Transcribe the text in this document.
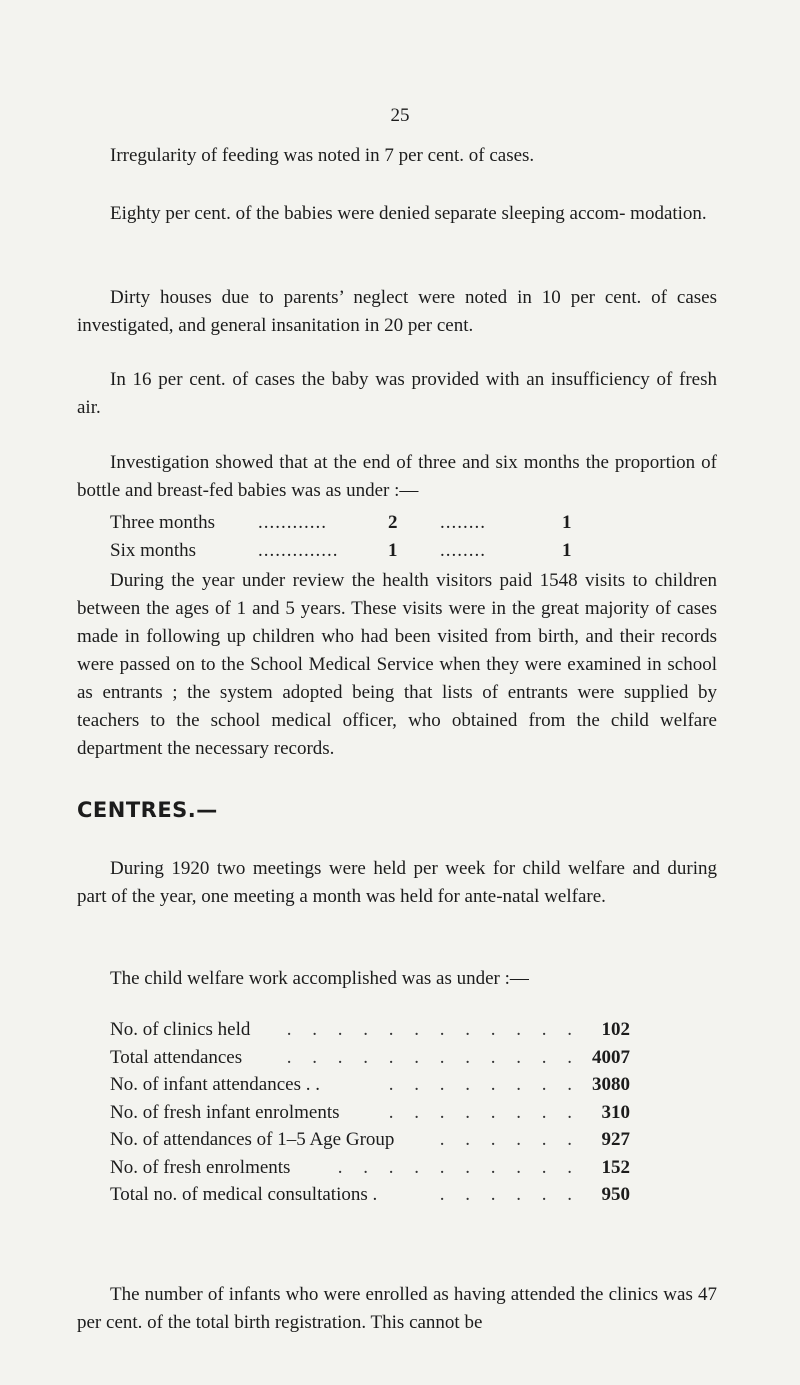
25

Irregularity of feeding was noted in 7 per cent. of cases.

Eighty per cent. of the babies were denied separate sleeping accom- modation.

Dirty houses due to parents’ neglect were noted in 10 per cent. of cases investigated, and general insanitation in 20 per cent.

In 16 per cent. of cases the baby was provided with an insufficiency of fresh air.

Investigation showed that at the end of three and six months the proportion of bottle and breast-fed babies was as under :—

Three months ............	2 ........	1
Six months	..............	1 ........	1

During the year under review the health visitors paid 1548 visits to children between the ages of 1 and 5 years. These visits were in the great majority of cases made in following up children who had been visited from birth, and their records were passed on to the School Medical Service when they were examined in school as entrants ; the system adopted being that lists of entrants were supplied by teachers to the school medical officer, who obtained from the child welfare department the necessary records.

CENTRES.—

During 1920 two meetings were held per week for child welfare and during part of the year, one meeting a month was held for ante-natal welfare.

The child welfare work accomplished was as under :—

No. of clinics held . . . . . . . . . . . . 102
Total attendances . . . . . . . . . . . . 4007
No. of infant attendances . .	. . . . . . . . 3080
No. of fresh infant enrolments	. . . . . . . . 310
No. of attendances of 1–5 Age Group . . . . . . 927
No. of fresh enrolments . . . . . . . . . . 152
Total no. of medical consultations .	. . . . . . 950

The number of infants who were enrolled as having attended the clinics was 47 per cent. of the total birth registration. This cannot be
